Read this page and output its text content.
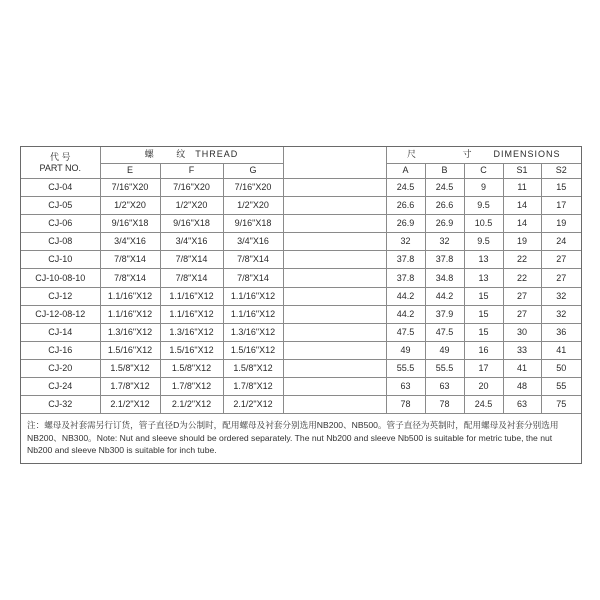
代 号
PART NO.	螺 纹THREAD				尺 寸DIMENSIONS				
	E	F	G		A	B	C	S1	S2
CJ-04	7/16"X20	7/16"X20	7/16"X20		24.5	24.5	9	11	15
CJ-05	1/2"X20	1/2"X20	1/2"X20		26.6	26.6	9.5	14	17
CJ-06	9/16"X18	9/16"X18	9/16"X18		26.9	26.9	10.5	14	19
CJ-08	3/4"X16	3/4"X16	3/4"X16		32	32	9.5	19	24
CJ-10	7/8"X14	7/8"X14	7/8"X14		37.8	37.8	13	22	27
CJ-10-08-10	7/8"X14	7/8"X14	7/8"X14		37.8	34.8	13	22	27
CJ-12	1.1/16"X12	1.1/16"X12	1.1/16"X12		44.2	44.2	15	27	32
CJ-12-08-12	1.1/16"X12	1.1/16"X12	1.1/16"X12		44.2	37.9	15	27	32
CJ-14	1.3/16"X12	1.3/16"X12	1.3/16"X12		47.5	47.5	15	30	36
CJ-16	1.5/16"X12	1.5/16"X12	1.5/16"X12		49	49	16	33	41
CJ-20	1.5/8"X12	1.5/8"X12	1.5/8"X12		55.5	55.5	17	41	50
CJ-24	1.7/8"X12	1.7/8"X12	1.7/8"X12		63	63	20	48	55
CJ-32	2.1/2"X12	2.1/2"X12	2.1/2"X12		78	78	24.5	63	75
注：螺母及衬套需另行订货，管子直径D为公制时，配用螺母及衬套分别选用NB200、NB500。管子直径为英制时，配用螺母及衬套分别选用NB200、NB300。Note: Nut and sleeve should be ordered separately. The nut Nb200 and sleeve Nb500 is suitable for metric tube, the nut Nb200 and sleeve Nb300 is suitable for inch tube.
